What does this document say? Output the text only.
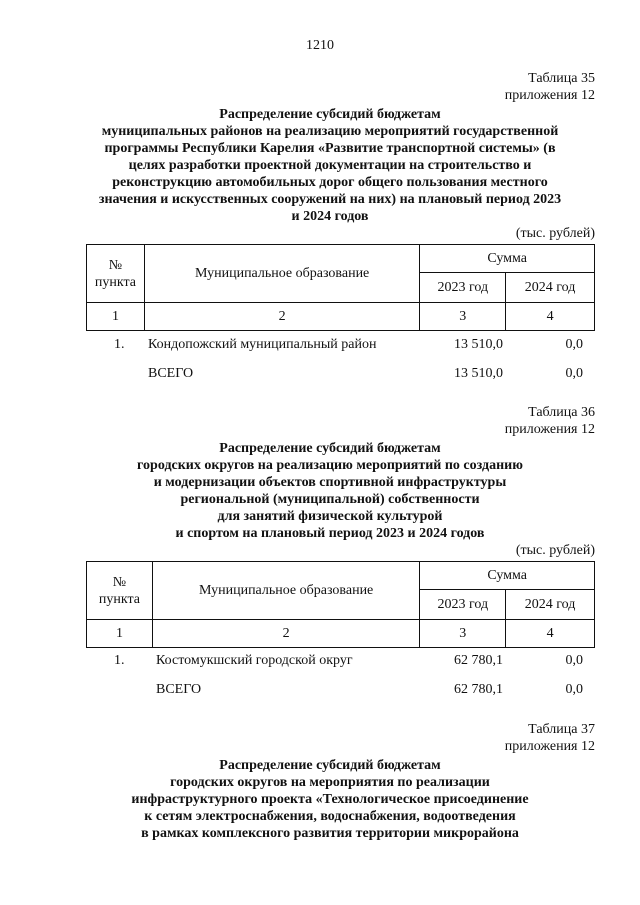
1210
Таблица 35
приложения 12
Распределение субсидий бюджетам
муниципальных районов на реализацию мероприятий государственной
программы Республики Карелия «Развитие транспортной системы» (в
целях разработки проектной документации на строительство и
реконструкцию автомобильных дорог общего пользования местного
значения и искусственных сооружений на них) на плановый период 2023
и 2024 годов
(тыс. рублей)
№
пункта	Муниципальное образование	Сумма	
		2023 год	2024 год
1	2	3	4
1. Кондопожский муниципальный район	13 510,0	0,0
ВСЕГО	13 510,0	0,0
Таблица 36
приложения 12
Распределение субсидий бюджетам
городских округов на реализацию мероприятий по созданию
и модернизации объектов спортивной инфраструктуры
региональной (муниципальной) собственности
для занятий физической культурой
и спортом на плановый период 2023 и 2024 годов
(тыс. рублей)
№
пункта	Муниципальное образование	Сумма	
		2023 год	2024 год
1	2	3	4
1. Костомукшский городской округ	62 780,1	0,0
ВСЕГО	62 780,1	0,0
Таблица 37
приложения 12
Распределение субсидий бюджетам
городских округов на мероприятия по реализации
инфраструктурного проекта «Технологическое присоединение
к сетям электроснабжения, водоснабжения, водоотведения
в рамках комплексного развития территории микрорайона
